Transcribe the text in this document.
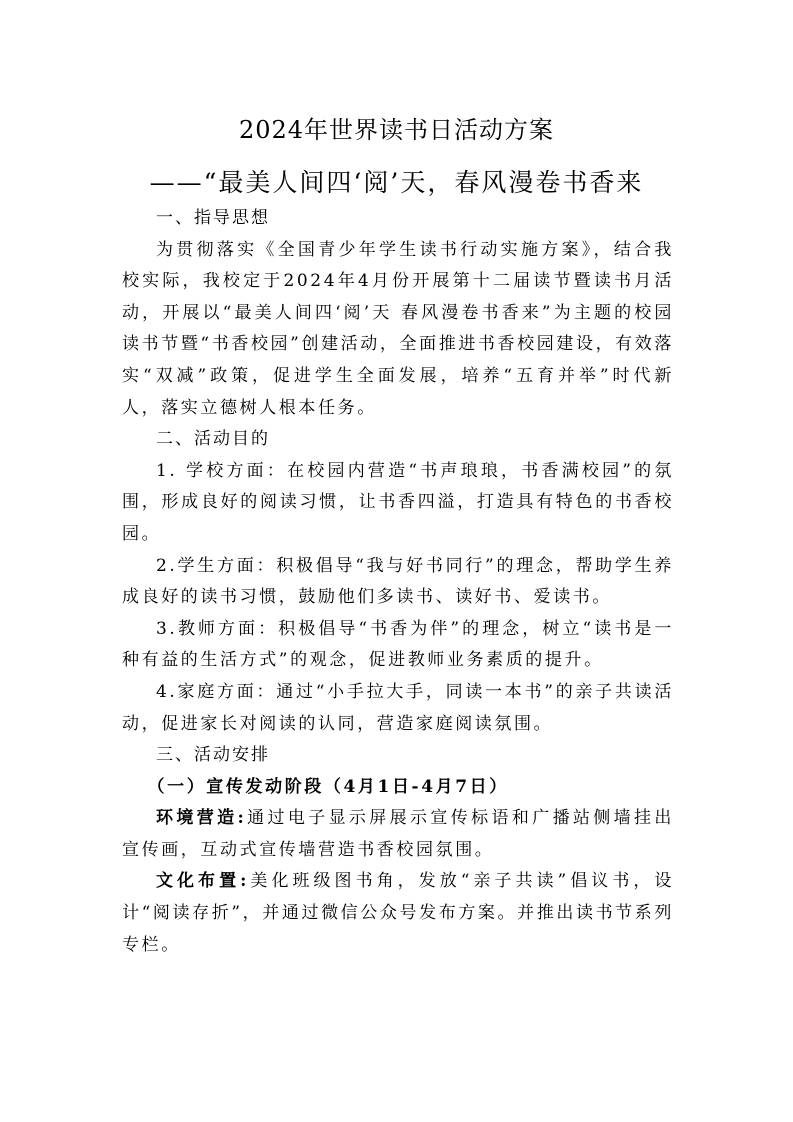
2024年世界读书日活动方案
——“最美人间四‘阅’天，春风漫卷书香来

一、指导思想

为贯彻落实《全国青少年学生读书行动实施方案》，结合我校实际，我校定于2024年4月份开展第十二届读节暨读书月活动，开展以“最美人间四‘阅’天 春风漫卷书香来”为主题的校园读书节暨“书香校园”创建活动，全面推进书香校园建设，有效落实“双减”政策，促进学生全面发展，培养“五育并举”时代新人，落实立德树人根本任务。

二、活动目的

1. 学校方面：在校园内营造“书声琅琅，书香满校园”的氛围，形成良好的阅读习惯，让书香四溢，打造具有特色的书香校园。

2.学生方面：积极倡导“我与好书同行”的理念，帮助学生养成良好的读书习惯，鼓励他们多读书、读好书、爱读书。

3.教师方面：积极倡导“书香为伴”的理念，树立“读书是一种有益的生活方式”的观念，促进教师业务素质的提升。

4.家庭方面：通过“小手拉大手，同读一本书”的亲子共读活动，促进家长对阅读的认同，营造家庭阅读氛围。

三、活动安排

（一）宣传发动阶段（4月1日-4月7日）

环境营造:通过电子显示屏展示宣传标语和广播站侧墙挂出宣传画，互动式宣传墙营造书香校园氛围。

文化布置:美化班级图书角，发放“亲子共读”倡议书，设计“阅读存折”，并通过微信公众号发布方案。并推出读书节系列专栏。
